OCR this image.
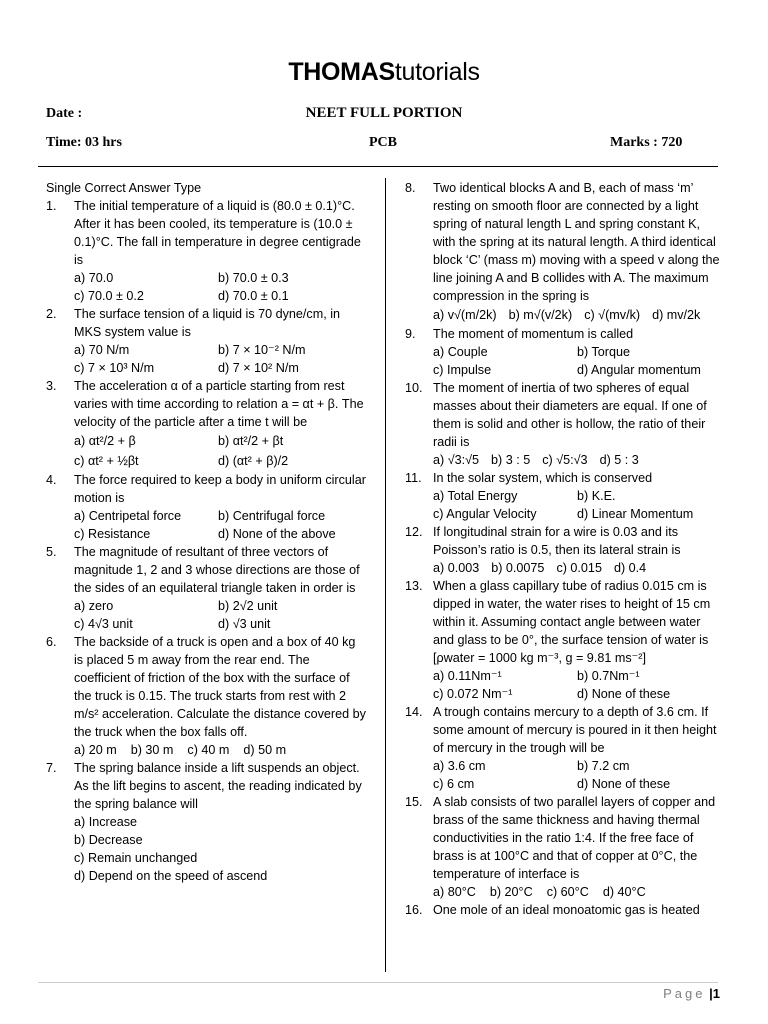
THOMAStutorials
Date :	NEET FULL PORTION
Time: 03 hrs	PCB	Marks : 720
Single Correct Answer Type
1.	The initial temperature of a liquid is (80.0 ± 0.1)°C. After it has been cooled, its temperature is (10.0 ± 0.1)°C. The fall in temperature in degree centigrade is
a) 70.0	b) 70.0 ± 0.3
c) 70.0 ± 0.2	d) 70.0 ± 0.1
2.	The surface tension of a liquid is 70 dyne/cm, in MKS system value is
a) 70 N/m	b) 7 × 10⁻² N/m
c) 7 × 10³ N/m	d) 7 × 10² N/m
3.	The acceleration α of a particle starting from rest varies with time according to relation a = αt + β. The velocity of the particle after a time t will be
a) αt²/2 + β	b) αt²/2 + βt
c) αt² + ½βt	d) (αt² + β)/2
4.	The force required to keep a body in uniform circular motion is
a) Centripetal force	b) Centrifugal force
c) Resistance	d) None of the above
5.	The magnitude of resultant of three vectors of magnitude 1, 2 and 3 whose directions are those of the sides of an equilateral triangle taken in order is
a) zero	b) 2√2 unit
c) 4√3 unit	d) √3 unit
6.	The backside of a truck is open and a box of 40 kg is placed 5 m away from the rear end. The coefficient of friction of the box with the surface of the truck is 0.15. The truck starts from rest with 2 m/s² acceleration. Calculate the distance covered by the truck when the box falls off.
a) 20 m b) 30 m c) 40 m d) 50 m
7.	The spring balance inside a lift suspends an object. As the lift begins to ascent, the reading indicated by the spring balance will
a) Increase
b) Decrease
c) Remain unchanged
d) Depend on the speed of ascend
8.	Two identical blocks A and B, each of mass ‘m’ resting on smooth floor are connected by a light spring of natural length L and spring constant K, with the spring at its natural length. A third identical block ‘C’ (mass m) moving with a speed v along the line joining A and B collides with A. The maximum compression in the spring is
a) v√(m/2k) b) m√(v/2k) c) √(mv/k) d) mv/2k
9.	The moment of momentum is called
a) Couple	b) Torque
c) Impulse	d) Angular momentum
10. The moment of inertia of two spheres of equal masses about their diameters are equal. If one of them is solid and other is hollow, the ratio of their radii is
a) √3:√5 b) 3 : 5 c) √5:√3 d) 5 : 3
11. In the solar system, which is conserved
a) Total Energy	b) K.E.
c) Angular Velocity	d) Linear Momentum
12. If longitudinal strain for a wire is 0.03 and its Poisson’s ratio is 0.5, then its lateral strain is
a) 0.003 b) 0.0075 c) 0.015 d) 0.4
13. When a glass capillary tube of radius 0.015 cm is dipped in water, the water rises to height of 15 cm within it. Assuming contact angle between water and glass to be 0°, the surface tension of water is [ρwater = 1000 kg m⁻³, g = 9.81 ms⁻²]
a) 0.11Nm⁻¹	b) 0.7Nm⁻¹
c) 0.072 Nm⁻¹	d) None of these
14. A trough contains mercury to a depth of 3.6 cm. If some amount of mercury is poured in it then height of mercury in the trough will be
a) 3.6 cm	b) 7.2 cm
c) 6 cm	d) None of these
15. A slab consists of two parallel layers of copper and brass of the same thickness and having thermal conductivities in the ratio 1:4. If the free face of brass is at 100°C and that of copper at 0°C, the temperature of interface is
a) 80°C b) 20°C c) 60°C d) 40°C
16. One mole of an ideal monoatomic gas is heated
Page |1
